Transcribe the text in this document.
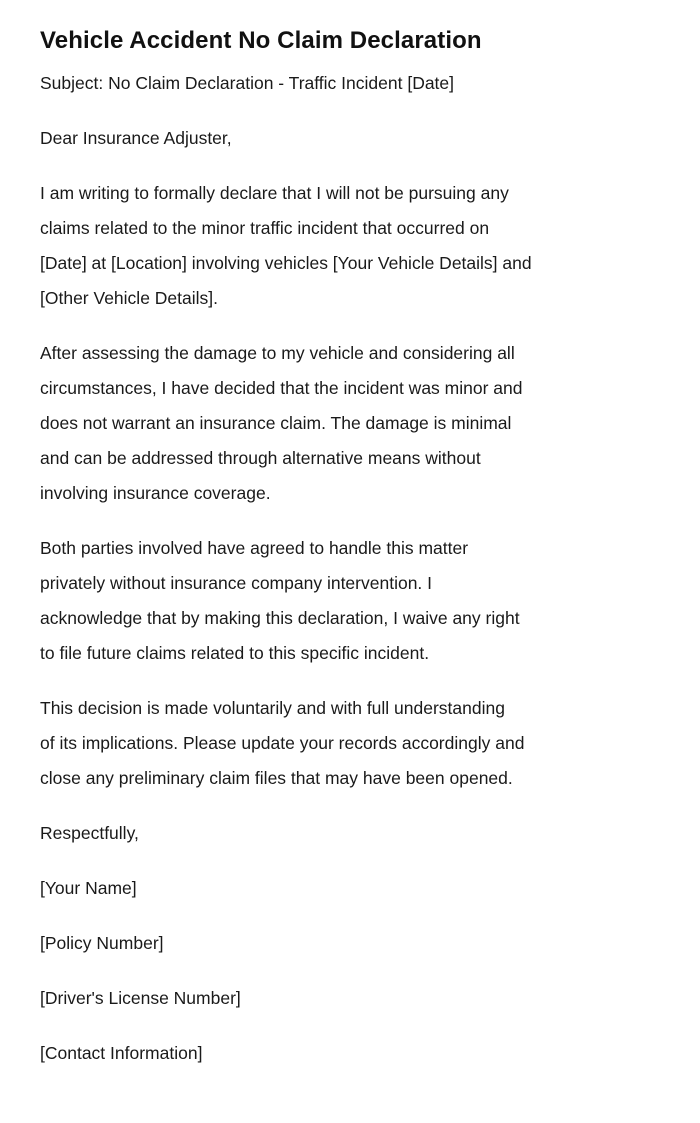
Vehicle Accident No Claim Declaration

Subject: No Claim Declaration - Traffic Incident [Date]

Dear Insurance Adjuster,

I am writing to formally declare that I will not be pursuing any
claims related to the minor traffic incident that occurred on
[Date] at [Location] involving vehicles [Your Vehicle Details] and
[Other Vehicle Details].

After assessing the damage to my vehicle and considering all
circumstances, I have decided that the incident was minor and
does not warrant an insurance claim. The damage is minimal
and can be addressed through alternative means without
involving insurance coverage.

Both parties involved have agreed to handle this matter
privately without insurance company intervention. I
acknowledge that by making this declaration, I waive any right
to file future claims related to this specific incident.

This decision is made voluntarily and with full understanding
of its implications. Please update your records accordingly and
close any preliminary claim files that may have been opened.

Respectfully,

[Your Name]

[Policy Number]

[Driver's License Number]

[Contact Information]
